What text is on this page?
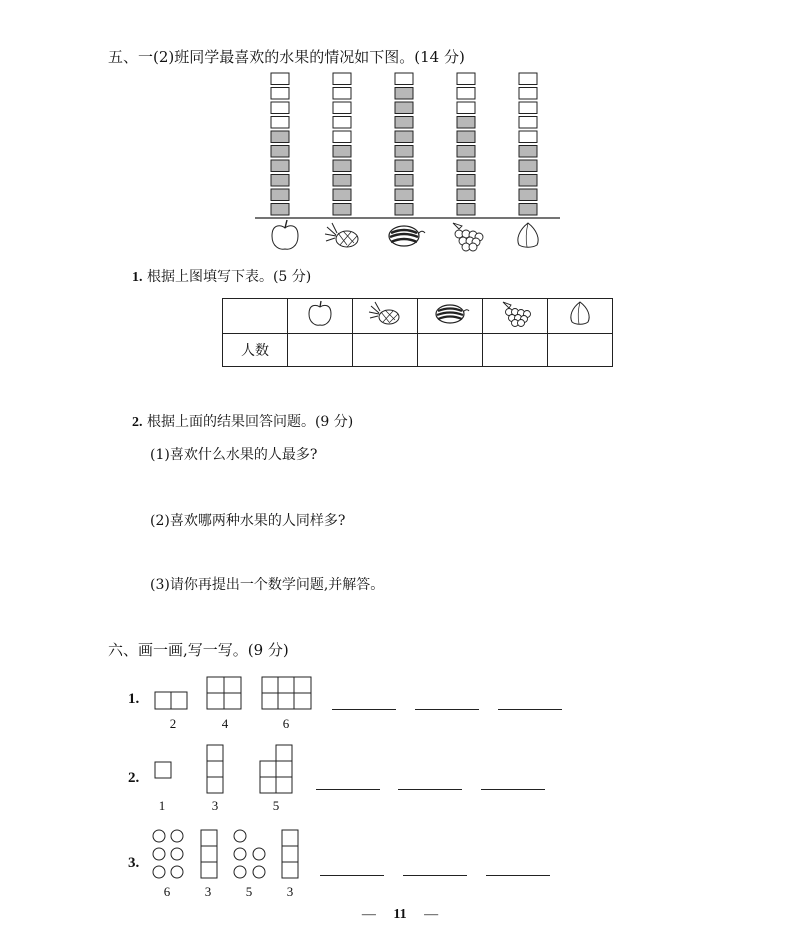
五、一(2)班同学最喜欢的水果的情况如下图。(14 分)
1. 根据上图填写下表。(5 分)

人数					
2. 根据上面的结果回答问题。(9 分)
(1)喜欢什么水果的人最多?
(2)喜欢哪两种水果的人同样多?
(3)请你再提出一个数学问题,并解答。
六、画一画,写一写。(9 分)
1.
2	4	6
2.
1	3	5
3.
6	3	5	3
— 11 —
